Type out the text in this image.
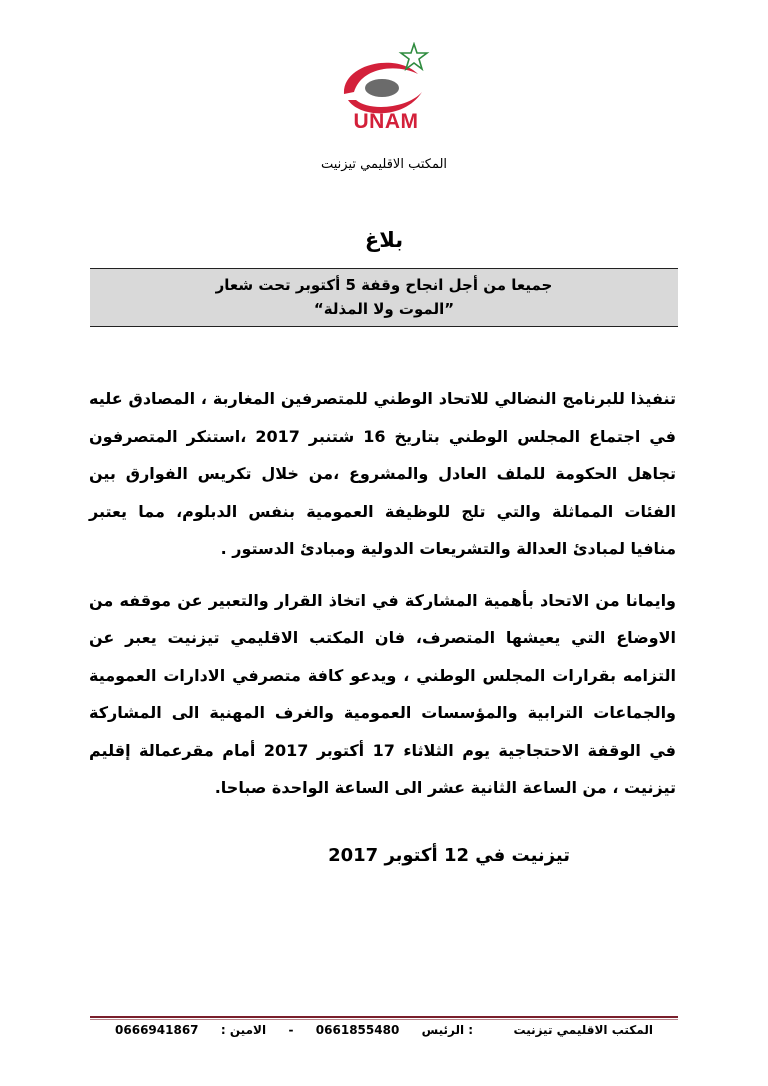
UNAM
المكتب الاقليمي تيزنيت
بلاغ
جميعا من أجل انجاح وقفة 5 أكتوبر تحت شعار
”الموت ولا المذلة“

تنفيذا للبرنامج النضالي للاتحاد الوطني للمتصرفين المغاربة ، المصادق عليه في اجتماع المجلس الوطني بتاريخ 16 شتنبر 2017 ،استنكر المتصرفون تجاهل الحكومة للملف العادل والمشروع ،من خلال تكريس الفوارق بين الفئات المماثلة والتي تلج للوظيفة العمومية بنفس الدبلوم، مما يعتبر منافيا لمبادئ العدالة والتشريعات الدولية ومبادئ الدستور .

وايمانا من الاتحاد بأهمية المشاركة في اتخاذ القرار والتعبير عن موقفه من الاوضاع التي يعيشها المتصرف، فان المكتب الاقليمي تيزنيت يعبر عن التزامه بقرارات المجلس الوطني ، ويدعو كافة متصرفي الادارات العمومية والجماعات الترابية والمؤسسات العمومية والغرف المهنية الى المشاركة في الوقفة الاحتجاجية يوم الثلاثاء 17 أكتوبر 2017 أمام مقرعمالة إقليم تيزنيت ، من الساعة الثانية عشر الى الساعة الواحدة صباحا.

تيزنيت في 12 أكتوبر 2017
المكتب الاقليمي تيزنيت  : الرئيس  0661855480  -  الامين :  0666941867
